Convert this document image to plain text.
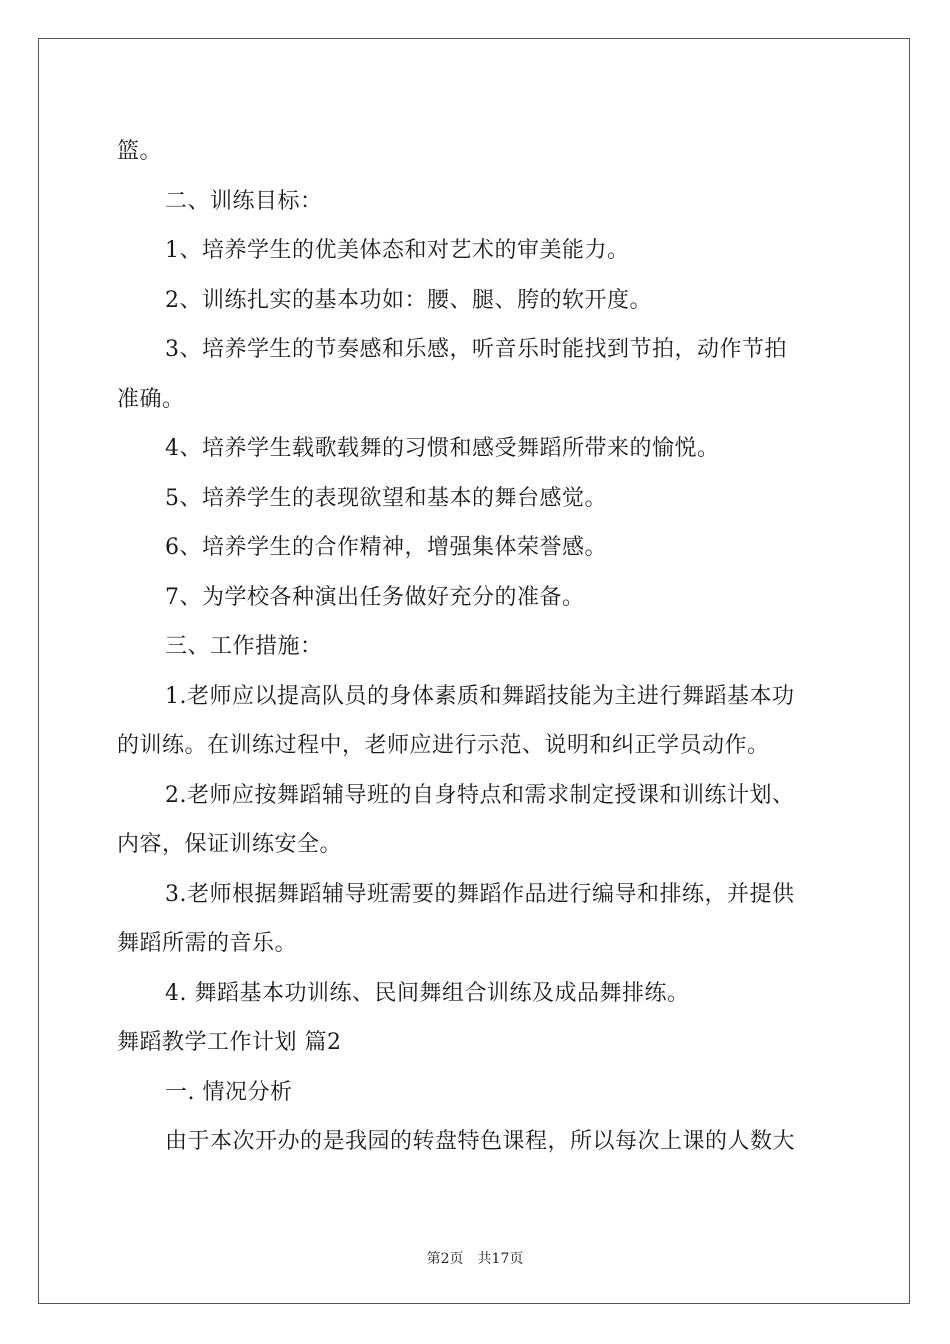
篮。
二、训练目标：
1、培养学生的优美体态和对艺术的审美能力。
2、训练扎实的基本功如：腰、腿、胯的软开度。
3、培养学生的节奏感和乐感，听音乐时能找到节拍，动作节拍
准确。
4、培养学生载歌载舞的习惯和感受舞蹈所带来的愉悦。
5、培养学生的表现欲望和基本的舞台感觉。
6、培养学生的合作精神，增强集体荣誉感。
7、为学校各种演出任务做好充分的准备。
三、工作措施：
1.老师应以提高队员的身体素质和舞蹈技能为主进行舞蹈基本功
的训练。在训练过程中，老师应进行示范、说明和纠正学员动作。
2.老师应按舞蹈辅导班的自身特点和需求制定授课和训练计划、
内容，保证训练安全。
3.老师根据舞蹈辅导班需要的舞蹈作品进行编导和排练，并提供
舞蹈所需的音乐。
4. 舞蹈基本功训练、民间舞组合训练及成品舞排练。
舞蹈教学工作计划 篇2
一. 情况分析
由于本次开办的是我园的转盘特色课程，所以每次上课的人数大
第2页 共17页
